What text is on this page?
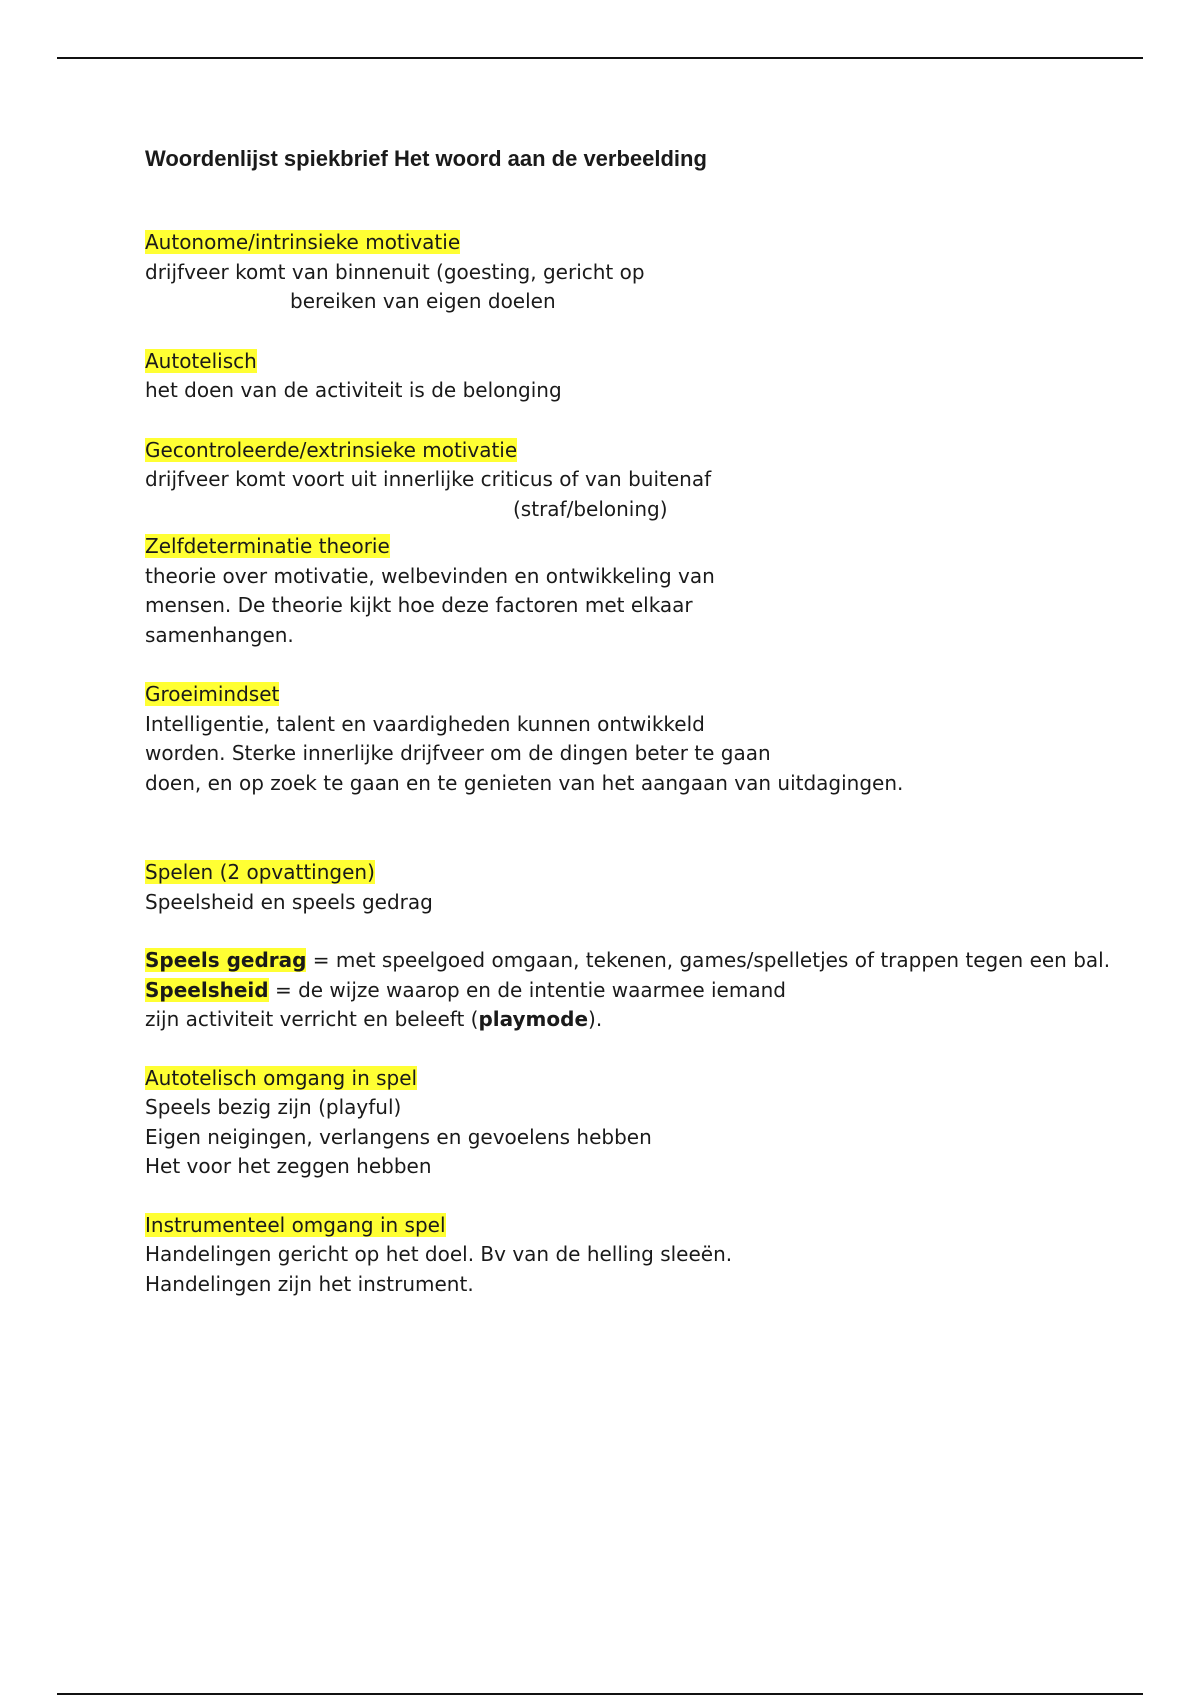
Woordenlijst spiekbrief Het woord aan de verbeelding
Autonome/intrinsieke motivatie
drijfveer komt van binnenuit (goesting, gericht op
bereiken van eigen doelen
Autotelisch
het doen van de activiteit is de belonging
Gecontroleerde/extrinsieke motivatie
drijfveer komt voort uit innerlijke criticus of van buitenaf
(straf/beloning)
Zelfdeterminatie theorie
theorie over motivatie, welbevinden en ontwikkeling van
mensen. De theorie kijkt hoe deze factoren met elkaar
samenhangen.
Groeimindset
Intelligentie, talent en vaardigheden kunnen ontwikkeld
worden. Sterke innerlijke drijfveer om de dingen beter te gaan
doen, en op zoek te gaan en te genieten van het aangaan van uitdagingen.
Spelen (2 opvattingen)
Speelsheid en speels gedrag
Speels gedrag = met speelgoed omgaan, tekenen, games/spelletjes of trappen tegen een bal.
Speelsheid = de wijze waarop en de intentie waarmee iemand
zijn activiteit verricht en beleeft (playmode).
Autotelisch omgang in spel
Speels bezig zijn (playful)
Eigen neigingen, verlangens en gevoelens hebben
Het voor het zeggen hebben
Instrumenteel omgang in spel
Handelingen gericht op het doel. Bv van de helling sleeën.
Handelingen zijn het instrument.
